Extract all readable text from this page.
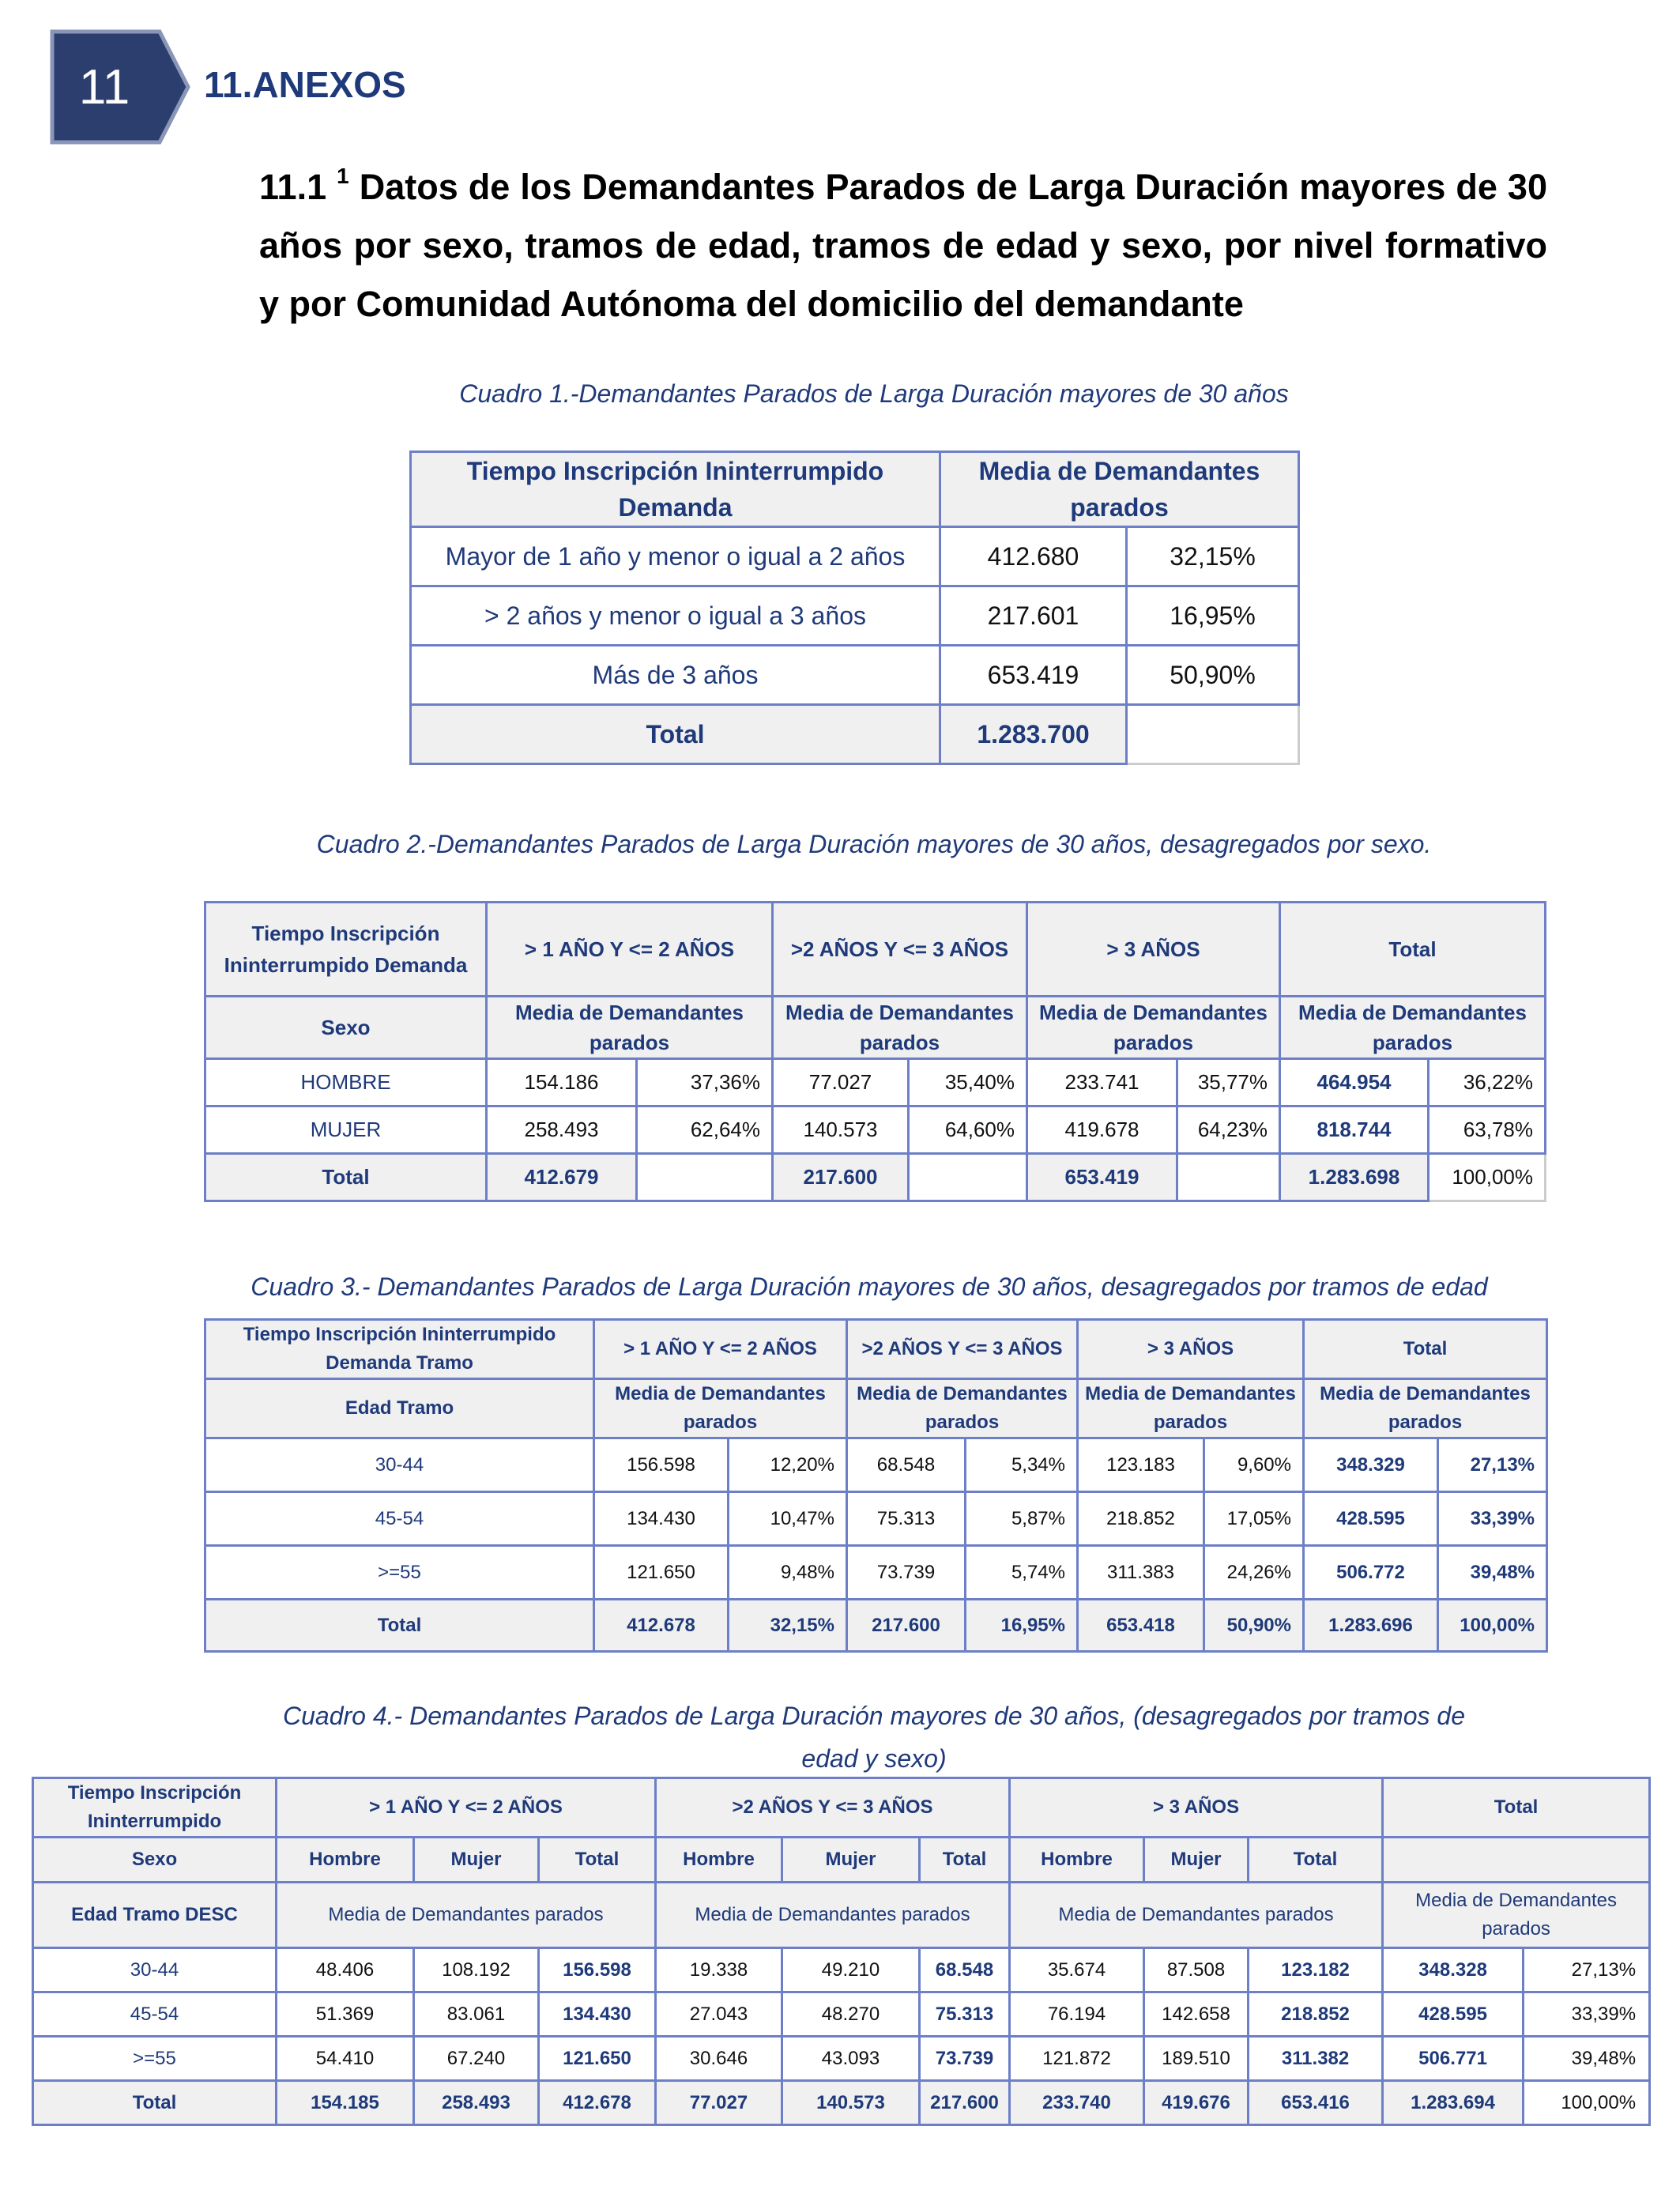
11	11.ANEXOS
11.1 $^1$ Datos de los Demandantes Parados de Larga Duración mayores de 30 años por sexo, tramos de edad, tramos de edad y sexo, por nivel formativo y por Comunidad Autónoma del domicilio del demandante
Cuadro 1.-Demandantes Parados de Larga Duración mayores de 30 años
Tiempo Inscripción Ininterrumpido Demanda	Media de Demandantes parados	
Mayor de 1 año y menor o igual a 2 años	412.680	32,15%
> 2 años y menor o igual a 3 años	217.601	16,95%
Más de 3 años	653.419	50,90%
Total	1.283.700	
Cuadro 2.-Demandantes Parados de Larga Duración mayores de 30 años, desagregados por sexo.
Tiempo Inscripción Ininterrumpido Demanda	> 1 AÑO Y <= 2 AÑOS		>2 AÑOS Y <= 3 AÑOS		> 3 AÑOS		Total	
Sexo	Media de Demandantes parados		Media de Demandantes parados		Media de Demandantes parados		Media de Demandantes parados	
HOMBRE	154.186	37,36%	77.027	35,40%	233.741	35,77%	464.954	36,22%
MUJER	258.493	62,64%	140.573	64,60%	419.678	64,23%	818.744	63,78%
Total	412.679		217.600		653.419		1.283.698	100,00%
Cuadro 3.- Demandantes Parados de Larga Duración mayores de 30 años, desagregados por tramos de edad
Tiempo Inscripción Ininterrumpido Demanda Tramo	> 1 AÑO Y <= 2 AÑOS		>2 AÑOS Y <= 3 AÑOS		> 3 AÑOS		Total	
Edad Tramo	Media de Demandantes parados		Media de Demandantes parados		Media de Demandantes parados		Media de Demandantes parados	
30-44	156.598	12,20%	68.548	5,34%	123.183	9,60%	348.329	27,13%
45-54	134.430	10,47%	75.313	5,87%	218.852	17,05%	428.595	33,39%
>=55	121.650	9,48%	73.739	5,74%	311.383	24,26%	506.772	39,48%
Total	412.678	32,15%	217.600	16,95%	653.418	50,90%	1.283.696	100,00%
Cuadro 4.- Demandantes Parados de Larga Duración mayores de 30 años, (desagregados por tramos de
edad y sexo)
Tiempo Inscripción Ininterrumpido	> 1 AÑO Y <= 2 AÑOS			>2 AÑOS Y <= 3 AÑOS			> 3 AÑOS			Total	
Sexo	Hombre	Mujer	Total	Hombre	Mujer	Total	Hombre	Mujer	Total		
Edad Tramo DESC	Media de Demandantes parados			Media de Demandantes parados			Media de Demandantes parados			Media de Demandantes parados	
30-44	48.406	108.192	156.598	19.338	49.210	68.548	35.674	87.508	123.182	348.328	27,13%
45-54	51.369	83.061	134.430	27.043	48.270	75.313	76.194	142.658	218.852	428.595	33,39%
>=55	54.410	67.240	121.650	30.646	43.093	73.739	121.872	189.510	311.382	506.771	39,48%
Total	154.185	258.493	412.678	77.027	140.573	217.600	233.740	419.676	653.416	1.283.694	100,00%
